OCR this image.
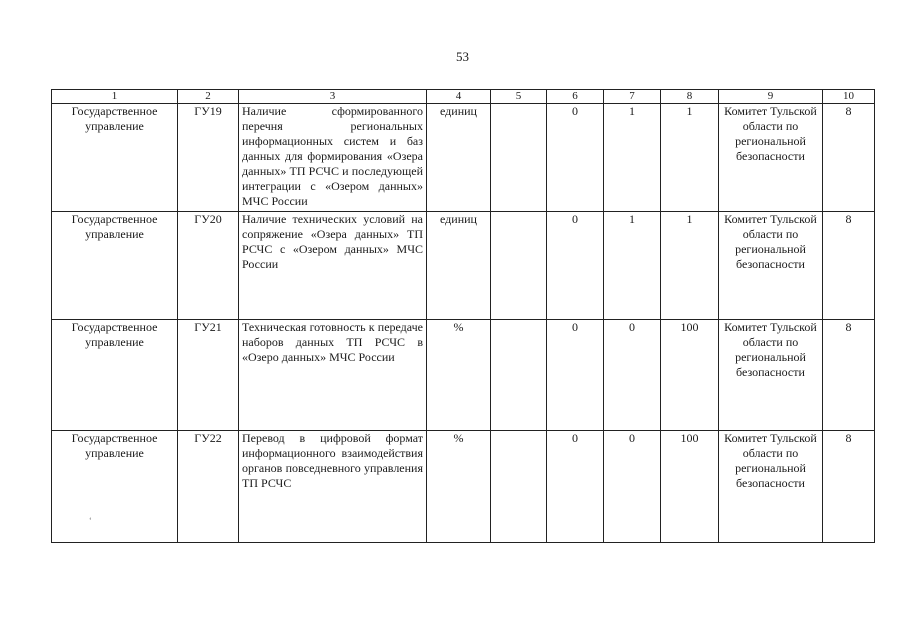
53
1	2	3	4	5	6	7	8	9	10
Государственное управление	ГУ19	Наличие сформированного перечня региональных информационных систем и баз данных для формирования «Озера данных» ТП РСЧС и последующей интеграции с «Озером данных» МЧС России	единиц		0	1	1	Комитет Тульской области по региональной безопасности	8
Государственное управление	ГУ20	Наличие технических условий на сопряжение «Озера данных» ТП РСЧС с «Озером данных» МЧС России	единиц		0	1	1	Комитет Тульской области по региональной безопасности	8
Государственное управление	ГУ21	Техническая готовность к передаче наборов данных ТП РСЧС в «Озеро данных» МЧС России	%		0	0	100	Комитет Тульской области по региональной безопасности	8
Государственное управление	ГУ22	Перевод в цифровой формат информационного взаимодействия органов повседневного управления ТП РСЧС	%		0	0	100	Комитет Тульской области по региональной безопасности	8
‘
